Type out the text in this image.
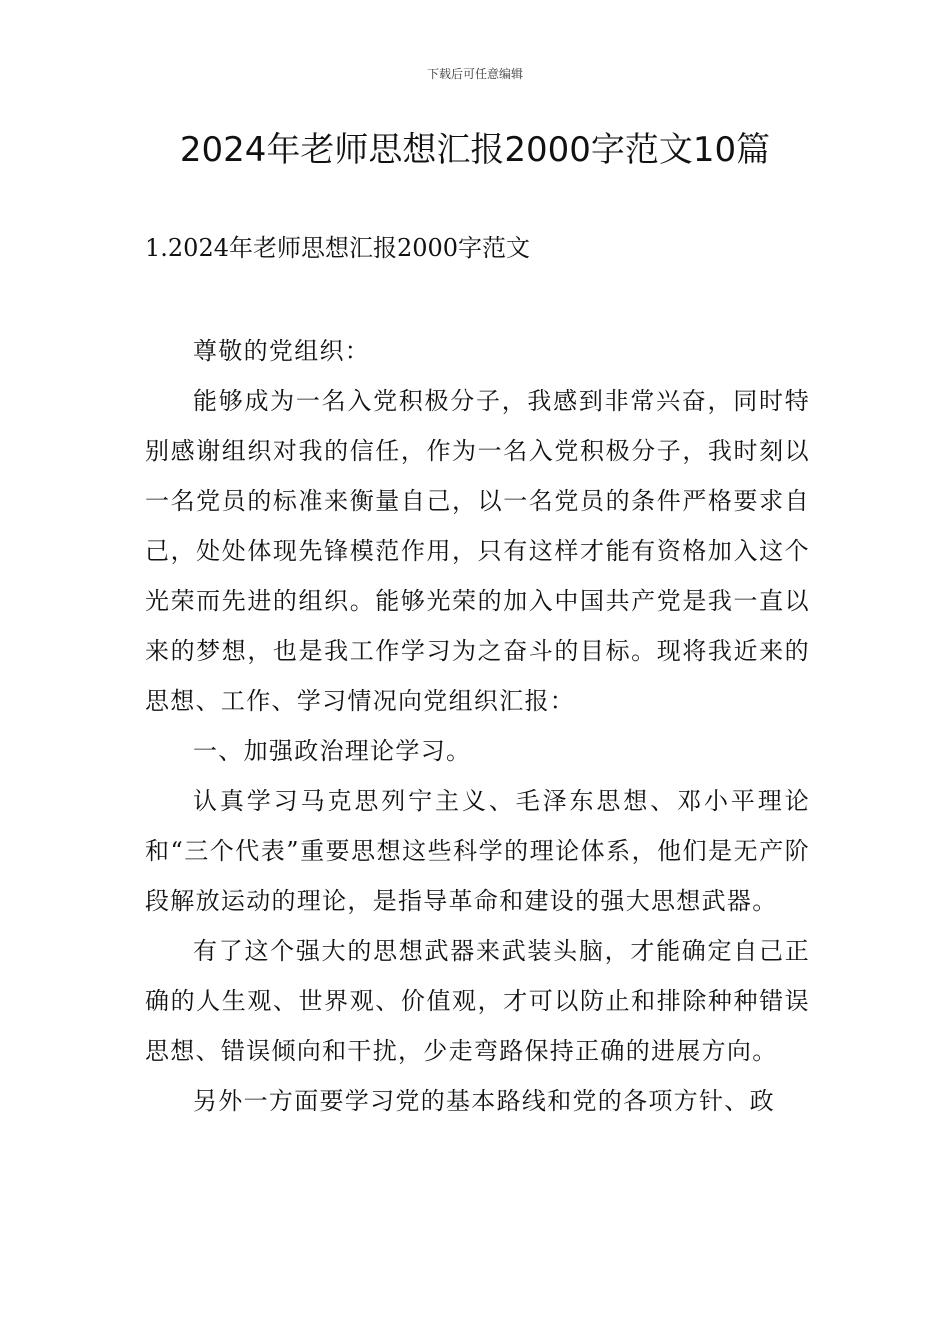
下载后可任意编辑
2024年老师思想汇报2000字范文10篇
1.2024年老师思想汇报2000字范文

尊敬的党组织：

能够成为一名入党积极分子，我感到非常兴奋，同时特别感谢组织对我的信任，作为一名入党积极分子，我时刻以一名党员的标准来衡量自己，以一名党员的条件严格要求自己，处处体现先锋模范作用，只有这样才能有资格加入这个光荣而先进的组织。能够光荣的加入中国共产党是我一直以来的梦想，也是我工作学习为之奋斗的目标。现将我近来的思想、工作、学习情况向党组织汇报：

一、加强政治理论学习。

认真学习马克思列宁主义、毛泽东思想、邓小平理论和“三个代表”重要思想这些科学的理论体系，他们是无产阶段解放运动的理论，是指导革命和建设的强大思想武器。

有了这个强大的思想武器来武装头脑，才能确定自己正确的人生观、世界观、价值观，才可以防止和排除种种错误思想、错误倾向和干扰，少走弯路保持正确的进展方向。

另外一方面要学习党的基本路线和党的各项方针、政
